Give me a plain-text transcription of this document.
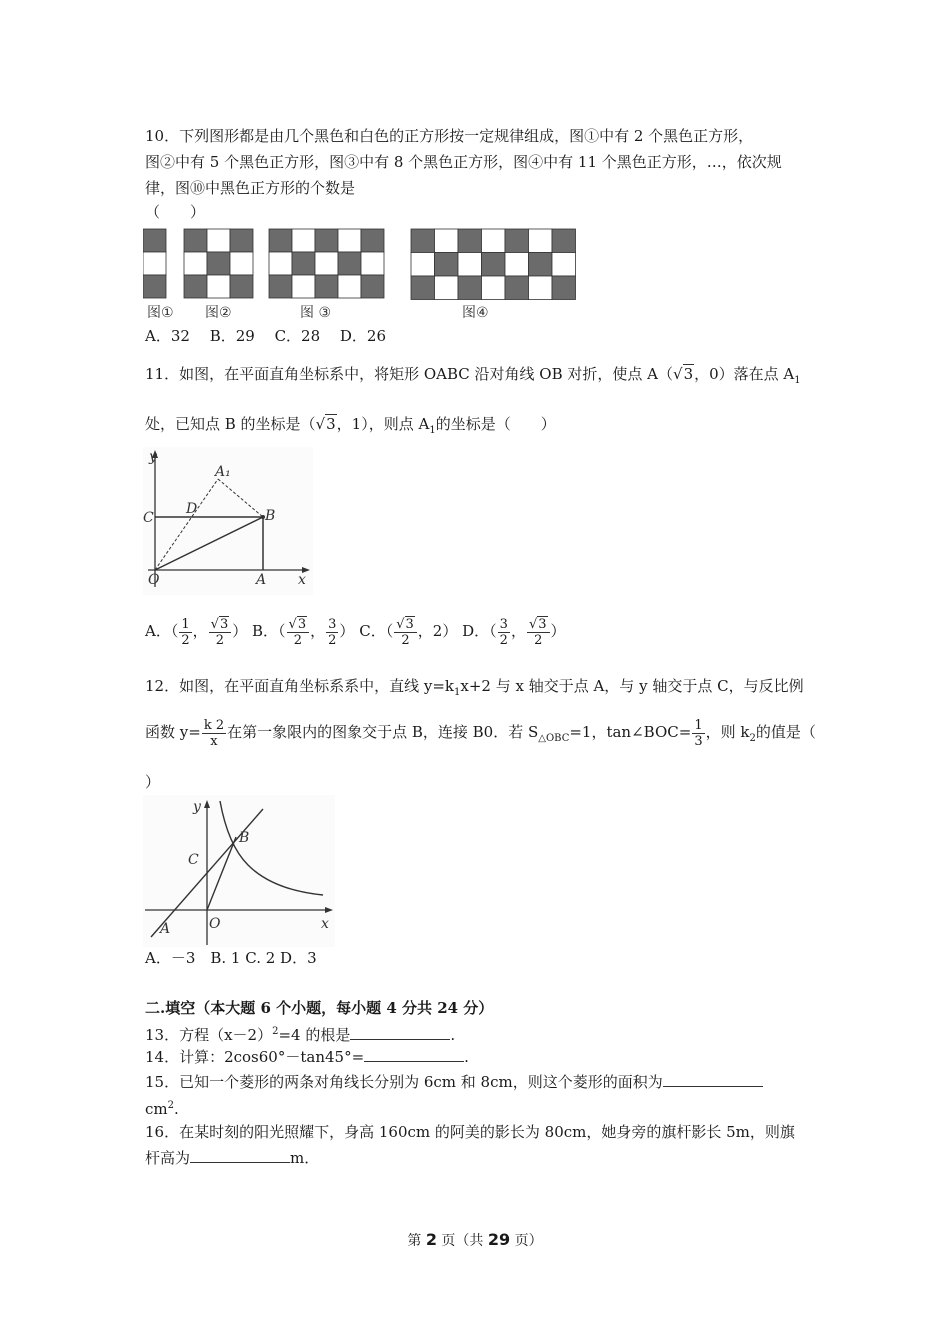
10．下列图形都是由几个黑色和白色的正方形按一定规律组成，图①中有 2 个黑色正方形，
图②中有 5 个黑色正方形，图③中有 8 个黑色正方形，图④中有 11 个黑色正方形，…，依次规
律，图⑩中黑色正方形的个数是
（　　）
图① 图②	图 ③	图④
A．32　 B．29　 C．28　 D．26
11．如图，在平面直角坐标系中，将矩形 OABC 沿对角线 OB 对折，使点 A（√3，0）落在点 $A_1$
处，已知点 B 的坐标是（√3，1），则点 $A_1$的坐标是（　　）
y
x
O	A
B
C
D
A₁
A．（ $\frac{1}{2}$ ， $\frac{√3}{2}$ ） B．（ $\frac{√3}{2}$ ， $\frac{3}{2}$ ） C．（ $\frac{√3}{2}$ ，2） D．（ $\frac{3}{2}$ ， $\frac{√3}{2}$ ）
12．如图，在平面直角坐标系系中，直线 $y=k_1x+2$ 与 x 轴交于点 A，与 y 轴交于点 C，与反比例
函数 $y= \frac{k 2}{x}$ 在第一象限内的图象交于点 B，连接 B0．若 $S_{\triangle OBC}=1$，tan∠BOC= $\frac{1}{3}$ ，则 $k_2$的值是（
）
y
x
O
A
B
C
A．－3　B. 1 C. 2 D．3
二.填空（本大题 6 个小题，每小题 4 分共 24 分）
13．方程$(x-2)^2=4$ 的根是	.
14．计算：2cos60°－tan45°=	.
15．已知一个菱形的两条对角线长分别为 6cm 和 8cm，则这个菱形的面积为
$cm^2$.
16．在某时刻的阳光照耀下，身高 160cm 的阿美的影长为 80cm，她身旁的旗杆影长 5m，则旗
杆高为	m．
第 2 页（共 29 页）
